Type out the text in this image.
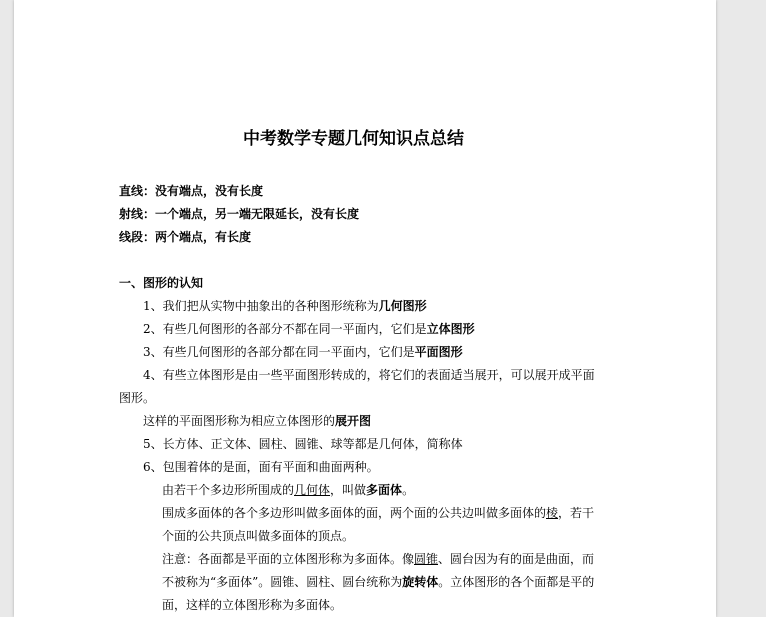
中考数学专题几何知识点总结
直线：没有端点，没有长度
射线：一个端点，另一端无限延长，没有长度
线段：两个端点，有长度
一、图形的认知
1、我们把从实物中抽象出的各种图形统称为几何图形
2、有些几何图形的各部分不都在同一平面内，它们是立体图形
3、有些几何图形的各部分都在同一平面内，它们是平面图形
4、有些立体图形是由一些平面图形转成的，将它们的表面适当展开，可以展开成平面
图形。
这样的平面图形称为相应立体图形的展开图
5、长方体、正文体、圆柱、圆锥、球等都是几何体，简称体
6、包围着体的是面，面有平面和曲面两种。
由若干个多边形所围成的几何体，叫做多面体。
围成多面体的各个多边形叫做多面体的面，两个面的公共边叫做多面体的棱，若干
个面的公共顶点叫做多面体的顶点。
注意：各面都是平面的立体图形称为多面体。像圆锥、圆台因为有的面是曲面，而
不被称为“多面体”。圆锥、圆柱、圆台统称为旋转体。立体图形的各个面都是平的
面，这样的立体图形称为多面体。
